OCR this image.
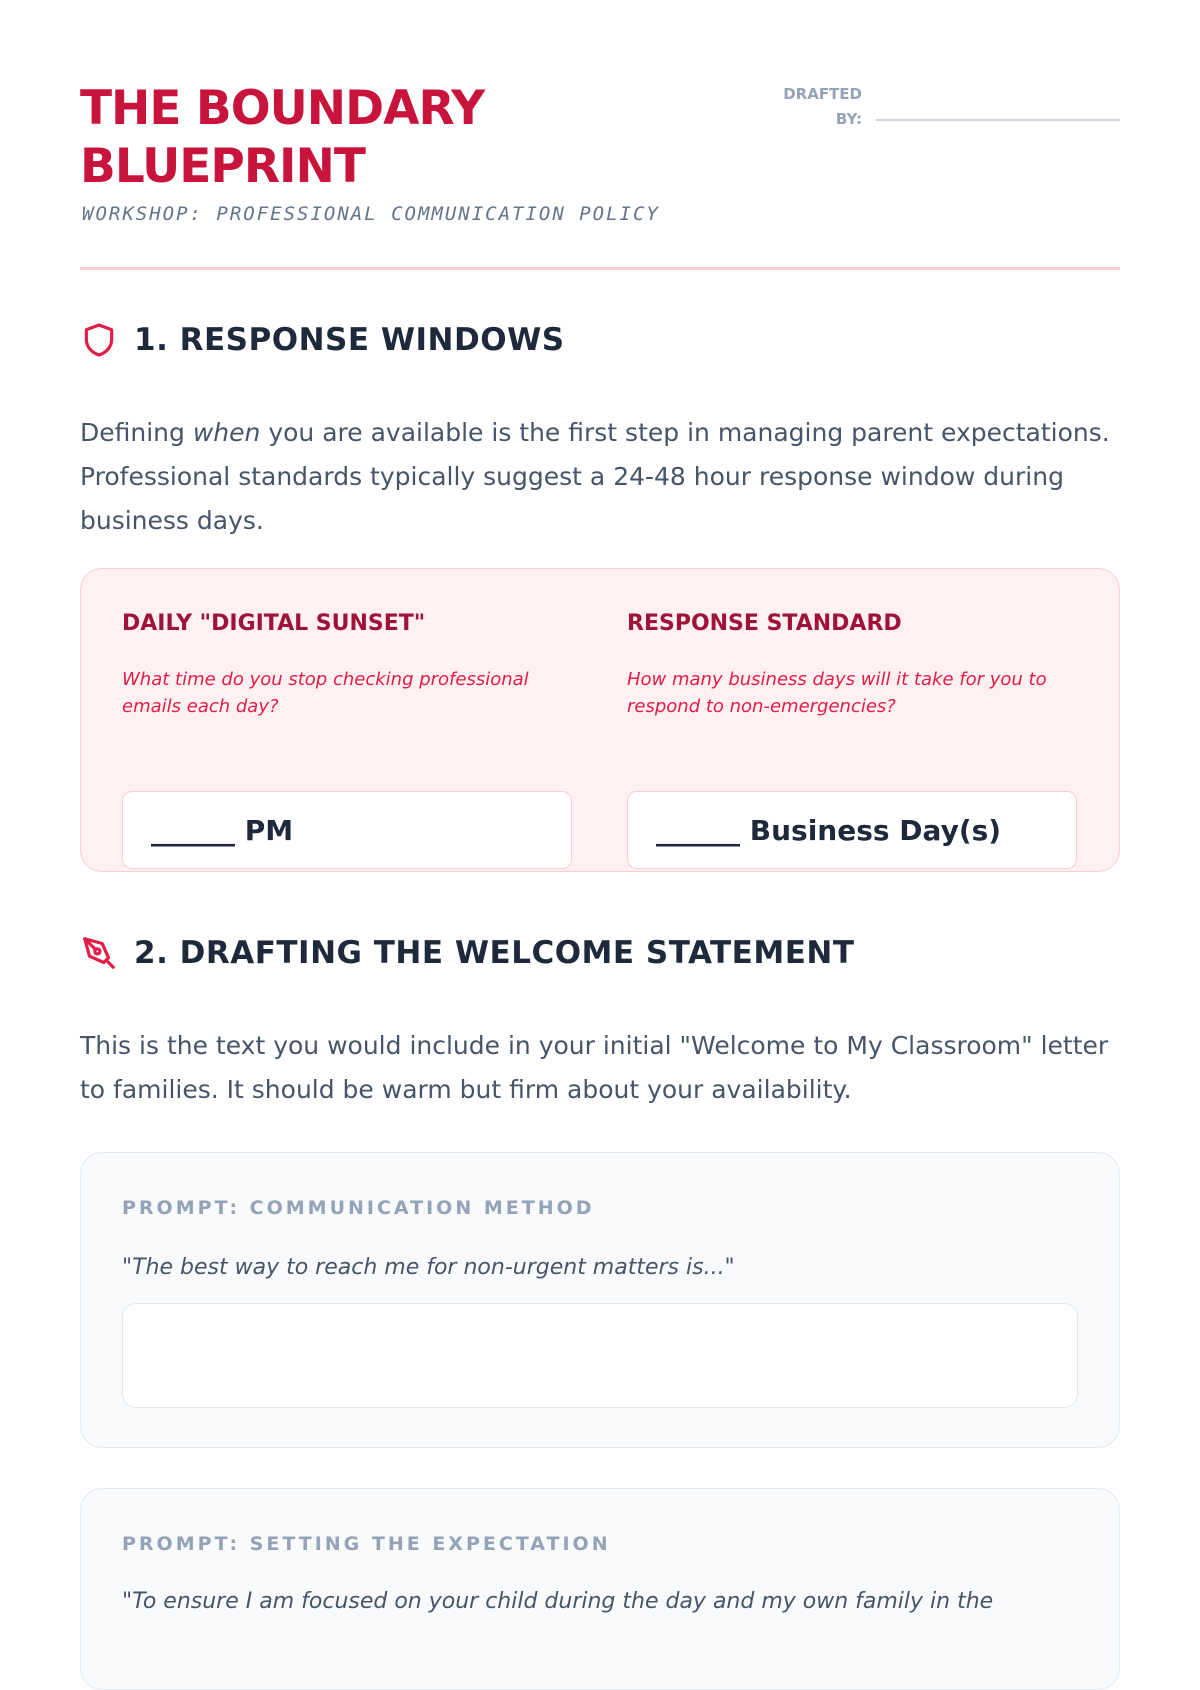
THE BOUNDARY BLUEPRINT

WORKSHOP: PROFESSIONAL COMMUNICATION POLICY

DRAFTED BY:
1. RESPONSE WINDOWS

Defining when you are available is the first step in managing parent expectations. Professional standards typically suggest a 24-48 hour response window during business days.

DAILY "DIGITAL SUNSET"

What time do you stop checking professional emails each day?

______ PM
RESPONSE STANDARD

How many business days will it take for you to respond to non-emergencies?

______ Business Day(s)
2. DRAFTING THE WELCOME STATEMENT

This is the text you would include in your initial "Welcome to My Classroom" letter to families. It should be warm but firm about your availability.

PROMPT: COMMUNICATION METHOD

"The best way to reach me for non-urgent matters is..."

PROMPT: SETTING THE EXPECTATION

"To ensure I am focused on your child during the day and my own family in the
